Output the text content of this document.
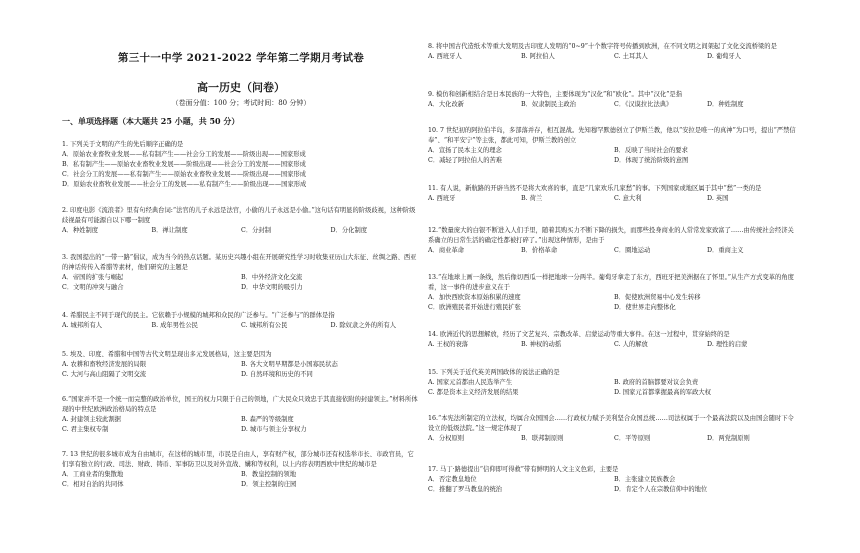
第三十一中学 2021-2022 学年第二学期月考试卷
高一历史（问卷）
（卷面分值：100 分；考试时间：80 分钟）
一、单项选择题（本大题共 25 小题，共 50 分）
1. 下列关于文明的产生的先后顺序正确的是
A．原始农业畜牧业发展——私有制产生——社会分工的发展——阶级出现——国家形成
B．私有制产生——原始农业畜牧业发展——阶级出现——社会分工的发展——国家形成
C．社会分工的发展——私有制产生——原始农业畜牧业发展——阶级出现——国家形成
D．原始农业畜牧业发展——社会分工的发展——私有制产生——阶级出现——国家形成
2. 印度电影《流浪者》里有句经典台词:“法官的儿子永远是法官，小偷的儿子永远是小偷。”这句话有明显的阶级歧视，这种阶级歧视最有可能源自以下哪一制度
A．种姓制度	B．禅让制度	C．分封制	D．分化制度
3. 我国提出的“一带一路”倡议，成为当今的热点话题。某历史兴趣小组在开展研究性学习时收集亚历山大东征、丝绸之路、西亚的神话传传入希腊等素材，他们研究的主题是
A．帝国的扩张与崛起	B．中外经济文化交流
C．文明的冲突与融合	D．中华文明的吸引力
4. 希腊民主不同于现代的民主。它依赖于小规模的城邦和众民的广泛参与。“广泛参与”的群体是指
A. 城邦所有人	B. 成年男性公民	C. 城邦所有公民	D. 除奴隶之外的所有人
5. 埃及、印度、希腊和中国等古代文明呈现出多元发展格局，这主要是因为
A. 农耕和畜牧经济发展的局限	B. 各大文明早期都是小国寡民状态
C. 大河与高山阻隔了文明交流	D. 自然环境和历史的不同
6.“国家并不是一个统一而完整的政治单位，国王的权力只限于自己的领地，广大民众只效忠于其直接依附的封建领主。”材料所体现的中世纪欧洲政治格局的特点是
A. 封建领主较此割据	B. 森严的等级制度
C. 君主集权专制	D. 城市与领主分享权力
7. 13 世纪的很多城市成为自由城市，在这样的城市里，市民是自由人，享有财产权，部分城市还有权选举市长、市政官员，它们享有独立的行政、司法、财政、铸币、军事防卫以及对外宣战、媾和等权利，以上内容表明西欧中世纪的城市是
A．工商业者的集散地	B．教皇控制的领地
C．相对自治的共同体	D．领主控制的庄园
8. 将中国古代造纸术等重大发明及古印度人发明的“0~9”十个数字符号传播到欧洲，在不同文明之间架起了文化交流桥梁的是
A. 西班牙人	B. 阿拉伯人	C. 土耳其人	D. 葡萄牙人
9. 模仿和创新相结合是日本民族的一大特色，主要体现为“汉化”和“欧化”。其中“汉化”是指
A．大化改新	B．奴隶制民主政治	C．《汉谟拉比法典》	D．种姓制度
10. 7 世纪初的阿拉伯半岛，多部落并存，相互混战。先知穆罕默德创立了伊斯兰教，他以“安拉是唯一的真神”为口号，提出“严禁信奉”、“和平安宁”等主张，都此可知，伊斯兰教的创立
A．宣扬了民本主义的理念	B．反映了当时社会的要求
C．减轻了阿拉伯人的苦难	D．体现了统治阶级的意图
11. 有人说，新航路的开辟当然不是将大欢喜的事，直是“几家欢乐几家愁”的事。下列国家或地区属于其中“愁”一类的是
A. 西班牙	B. 荷兰	C. 意大利	D. 英国
12.“数量庞大的白银不断进入人们手里，随着其购买力不断下降的损失，而那些投身商业的人常常发家致富了……由传统社会经济关系确立的日常生活的确定性都被打碎了。”出现这种情形，是由于
A．商业革命	B．价格革命	C．圈地运动	D．重商主义
13.“在地球上画一条线，然后像切西瓜一样把地球一分两半。葡萄牙拿走了东方，西班牙把美洲据在了怀里。”从生产方式变革的角度看，这一事件的进步意义在于
A．加快西欧资本原始积累的速度	B．促使欧洲贸易中心发生转移
C．欧洲殖民者开始进行殖民扩张	D．使世界走向整体化
14. 欧洲近代的思想解放，经历了文艺复兴、宗教改革、启蒙运动等重大事件。在这一过程中，贯穿始终的是
A. 王权的衰落	B. 神权的动摇	C. 人的解放	D. 理性的启蒙
15. 下列关于近代英美两国政体的说法正确的是
A. 国家元首都由人民选举产生	B. 政府的首脑都要对议会负责
C. 都是资本主义经济发展的结果	D. 国家元首都掌握最高的军政大权
16.“本宪法所制定的立法权，均属合众国国会……行政权力赋予美利坚合众国总统……司法权属于一个最高法院以及由国会随时下令设立的低级法院。”这一规定体现了
A．分权原则	B．联邦制原则	C．平等原则	D．两党制原则
17. 马丁·路德提出“信仰即可得救”带有鲜明的人文主义色彩，主要是
A．否定教皇地位	B．主张建立民族教会
C．推翻了罗马教皇的统治	D．肯定个人在宗教信仰中的地位
